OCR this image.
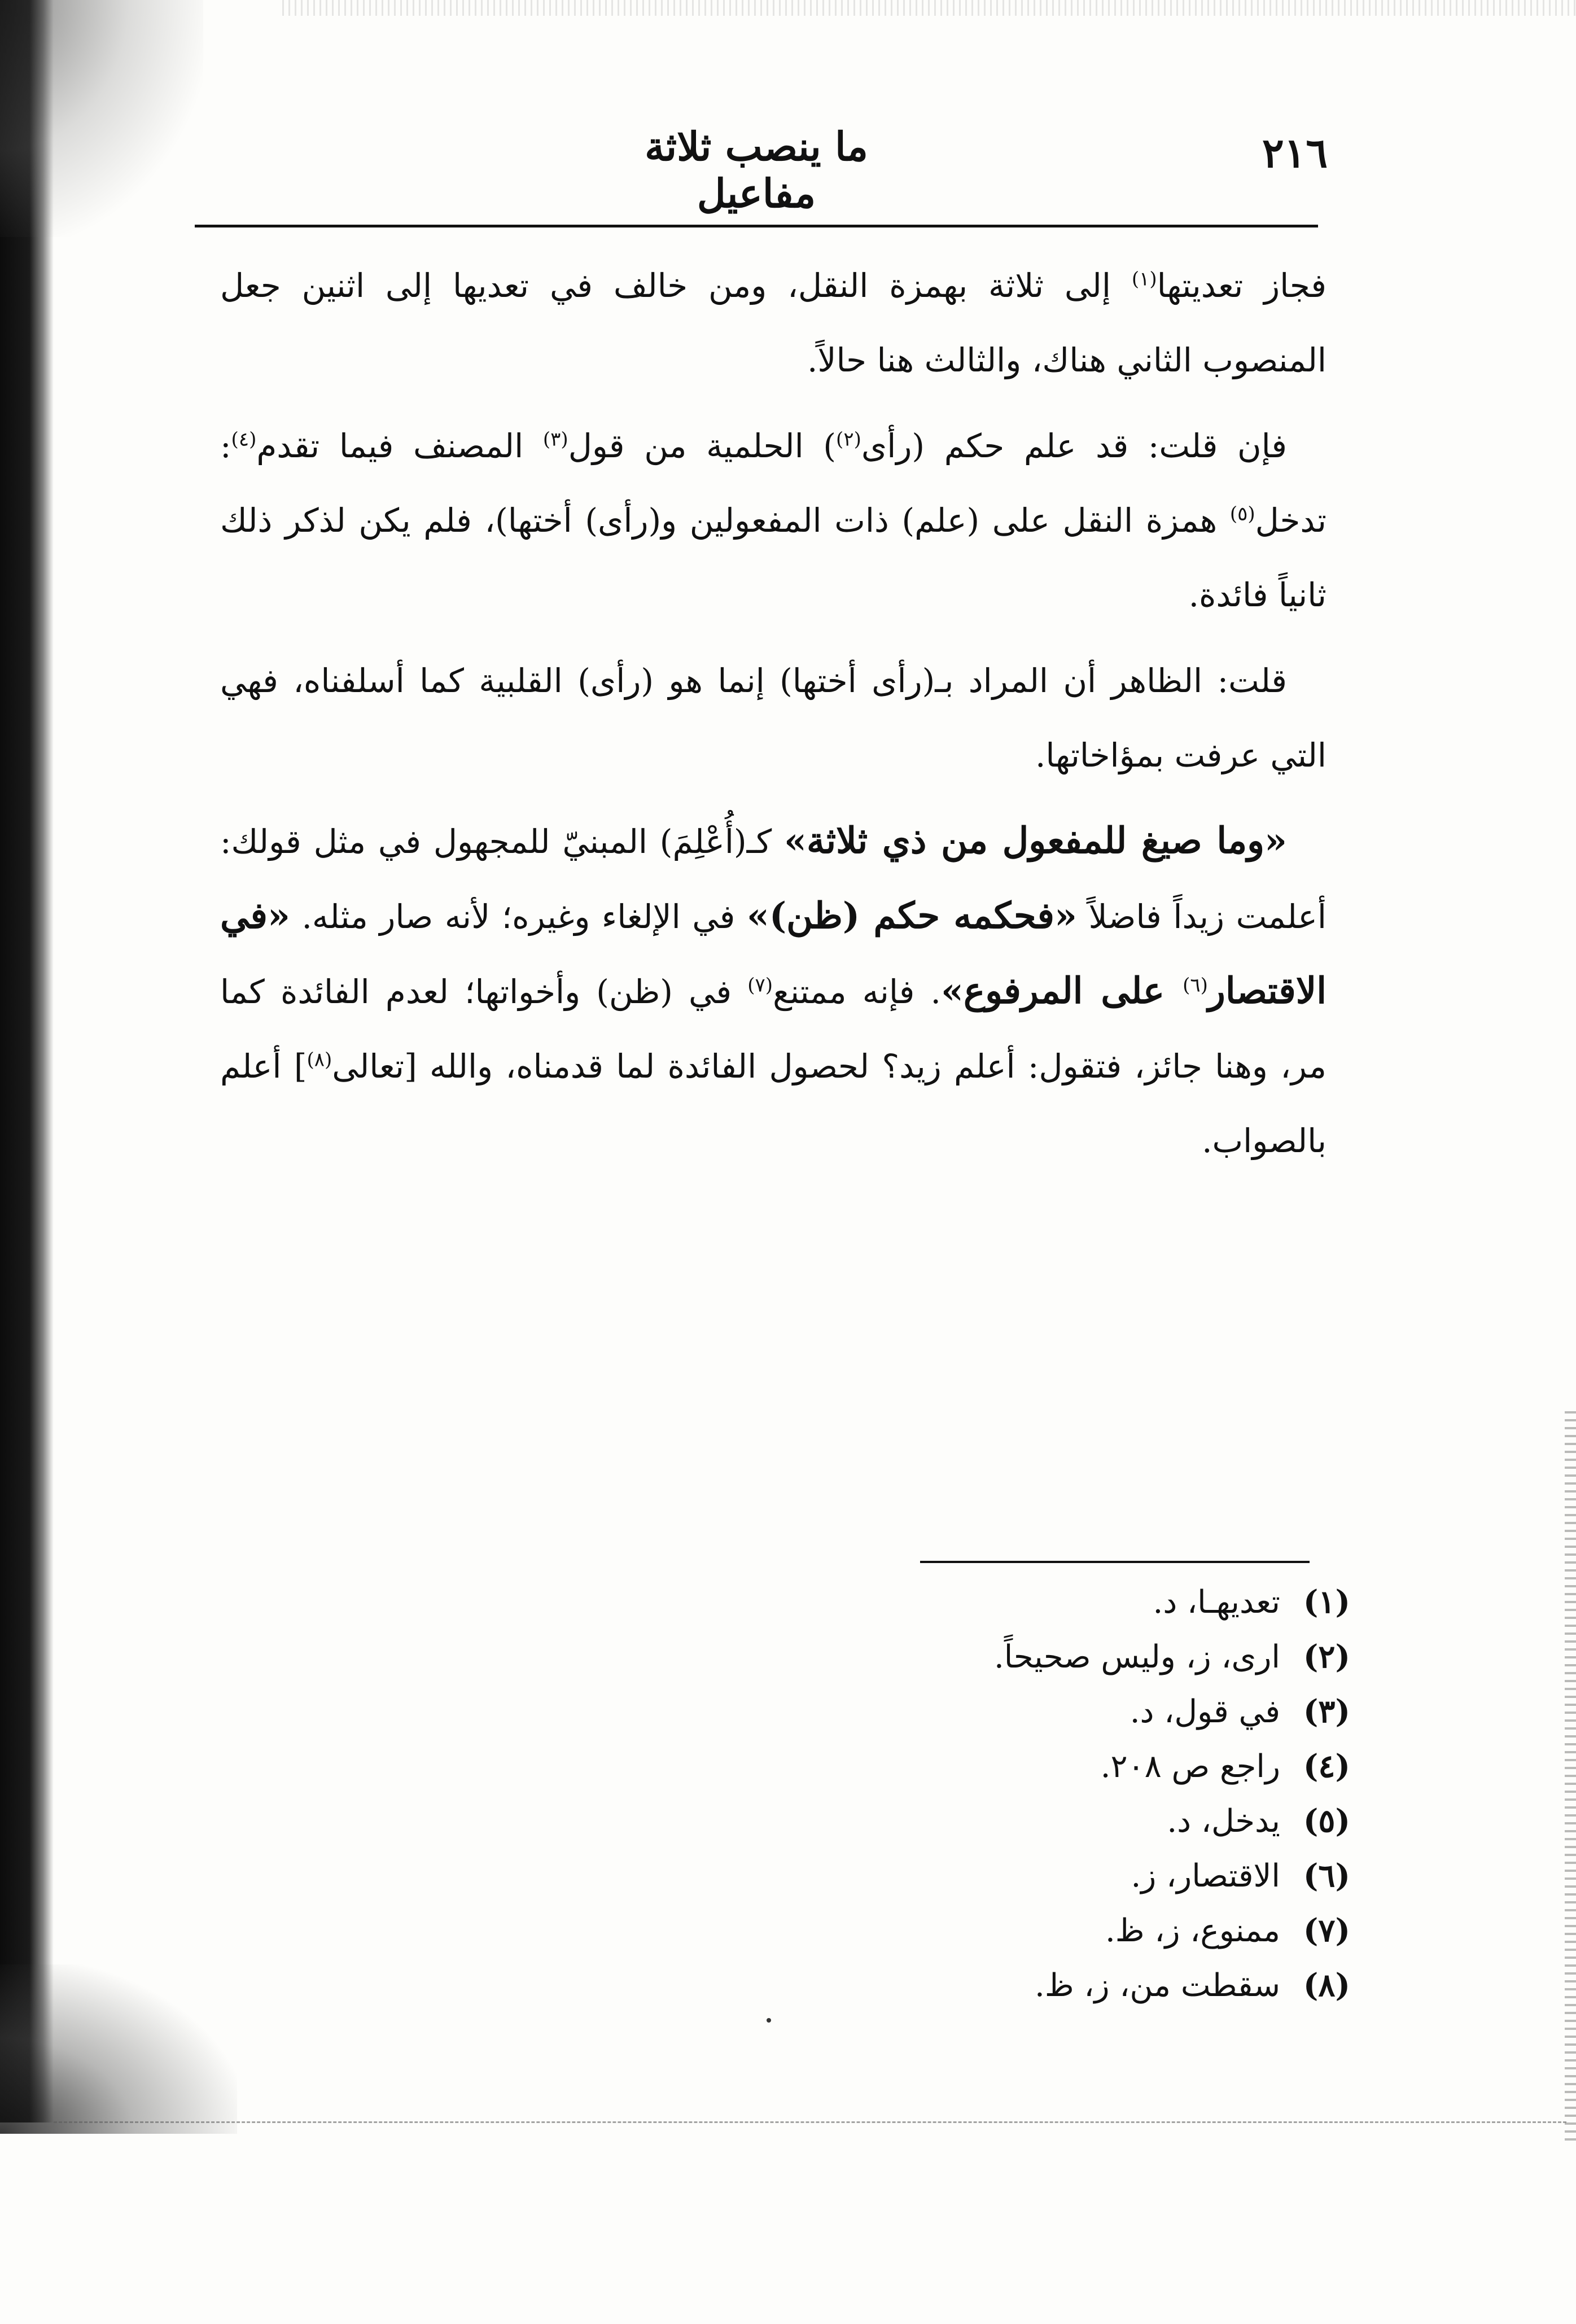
٢١٦
ما ينصب ثلاثة مفاعيل

فجاز تعديتها$^{(١)}$ إلى ثلاثة بهمزة النقل، ومن خالف في تعديها إلى اثنين جعل المنصوب الثاني هناك، والثالث هنا حالاً.

فإن قلت: قد علم حكم (رأى$^{(٢)}$) الحلمية من قول$^{(٣)}$ المصنف فيما تقدم$^{(٤)}$: تدخل$^{(٥)}$ همزة النقل على (علم) ذات المفعولين و(رأى) أختها)، فلم يكن لذكر ذلك ثانياً فائدة.

قلت: الظاهر أن المراد بـ(رأى أختها) إنما هو (رأى) القلبية كما أسلفناه، فهي التي عرفت بمؤاخاتها.

«وما صيغ للمفعول من ذي ثلاثة» كـ(أُعْلِمَ) المبنيّ للمجهول في مثل قولك: أعلمت زيداً فاضلاً «فحكمه حكم (ظن)» في الإلغاء وغيره؛ لأنه صار مثله. «في الاقتصار$^{(٦)}$ على المرفوع». فإنه ممتنع$^{(٧)}$ في (ظن) وأخواتها؛ لعدم الفائدة كما مر، وهنا جائز، فتقول: أعلم زيد؟ لحصول الفائدة لما قدمناه، والله [تعالى$^{(٨)}$] أعلم بالصواب.

(١)
تعديهـا، د.
(٢)
ارى، ز، وليس صحيحاً.
(٣)
في قول، د.
(٤)
راجع ص ٢٠٨.
(٥)
يدخل، د.
(٦)
الاقتصار، ز.
(٧)
ممنوع، ز، ظ.
(٨)
سقطت من، ز، ظ.
